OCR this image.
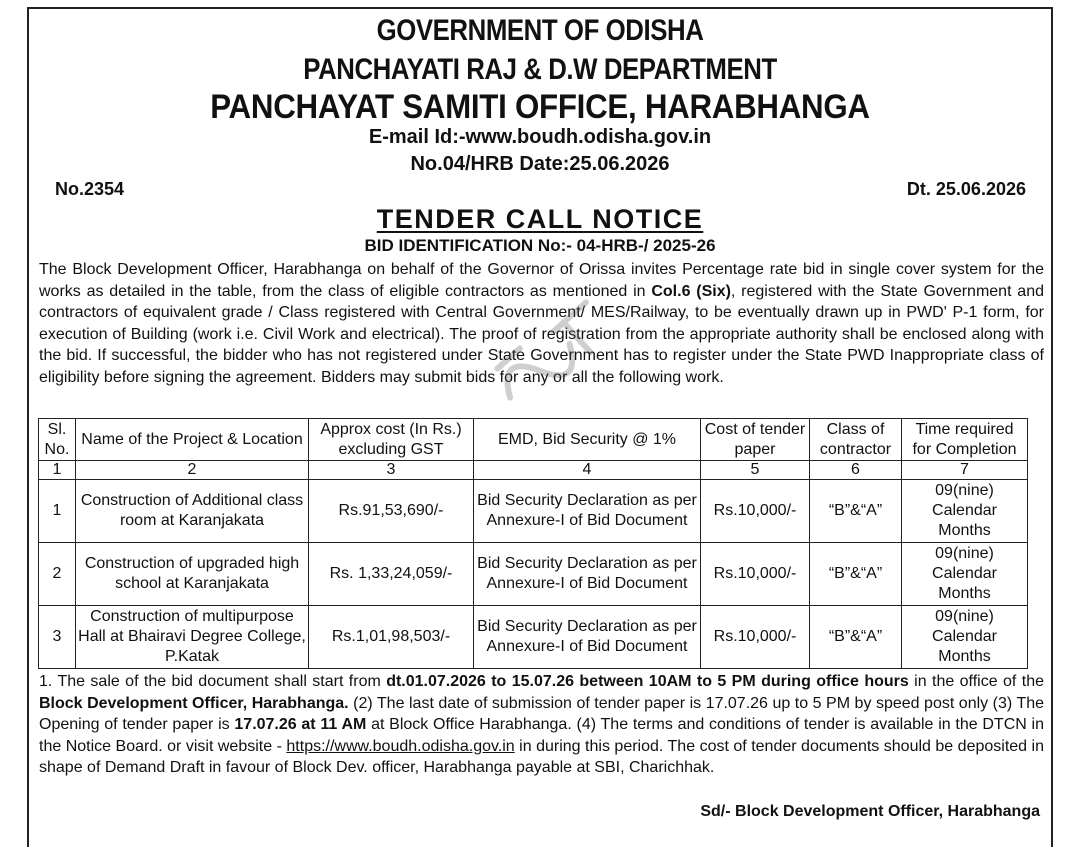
GOVERNMENT OF ODISHA
PANCHAYATI RAJ & D.W DEPARTMENT
PANCHAYAT SAMITI OFFICE, HARABHANGA
E-mail Id:-www.boudh.odisha.gov.in
No.04/HRB Date:25.06.2026
No.2354	Dt. 25.06.2026
TENDER CALL NOTICE
BID IDENTIFICATION No:- 04-HRB-/ 2025-26
The Block Development Officer, Harabhanga on behalf of the Governor of Orissa invites Percentage rate bid in single cover system for the works as detailed in the table, from the class of eligible contractors as mentioned in Col.6 (Six), registered with the State Government and contractors of equivalent grade / Class registered with Central Government/ MES/Railway, to be eventually drawn up in PWD' P-1 form, for execution of Building (work i.e. Civil Work and electrical). The proof of registration from the appropriate authority shall be enclosed along with the bid. If successful, the bidder who has not registered under State Government has to register under the State PWD Inappropriate class of eligibility before signing the agreement. Bidders may submit bids for any or all the following work.
Sl. No.	Name of the Project & Location	Approx cost (In Rs.) excluding GST	EMD, Bid Security @ 1%	Cost of tender paper	Class of contractor	Time required for Completion
1	2	3	4	5	6	7
1	Construction of Additional class room at Karanjakata	Rs.91,53,690/-	Bid Security Declaration as per Annexure-I of Bid Document	Rs.10,000/-	“B”&“A”	09(nine) Calendar Months
2	Construction of upgraded high school at Karanjakata	Rs. 1,33,24,059/-	Bid Security Declaration as per Annexure-I of Bid Document	Rs.10,000/-	“B”&“A”	09(nine) Calendar Months
3	Construction of multipurpose Hall at Bhairavi Degree College, P.Katak	Rs.1,01,98,503/-	Bid Security Declaration as per Annexure-I of Bid Document	Rs.10,000/-	“B”&“A”	09(nine) Calendar Months
1. The sale of the bid document shall start from dt.01.07.2026 to 15.07.26 between 10AM to 5 PM during office hours in the office of the Block Development Officer, Harabhanga. (2) The last date of submission of tender paper is 17.07.26 up to 5 PM by speed post only (3) The Opening of tender paper is 17.07.26 at 11 AM at Block Office Harabhanga. (4) The terms and conditions of tender is available in the DTCN in the Notice Board. or visit website - https://www.boudh.odisha.gov.in in during this period. The cost of tender documents should be deposited in shape of Demand Draft in favour of Block Dev. officer, Harabhanga payable at SBI, Charichhak.
Sd/- Block Development Officer, Harabhanga
